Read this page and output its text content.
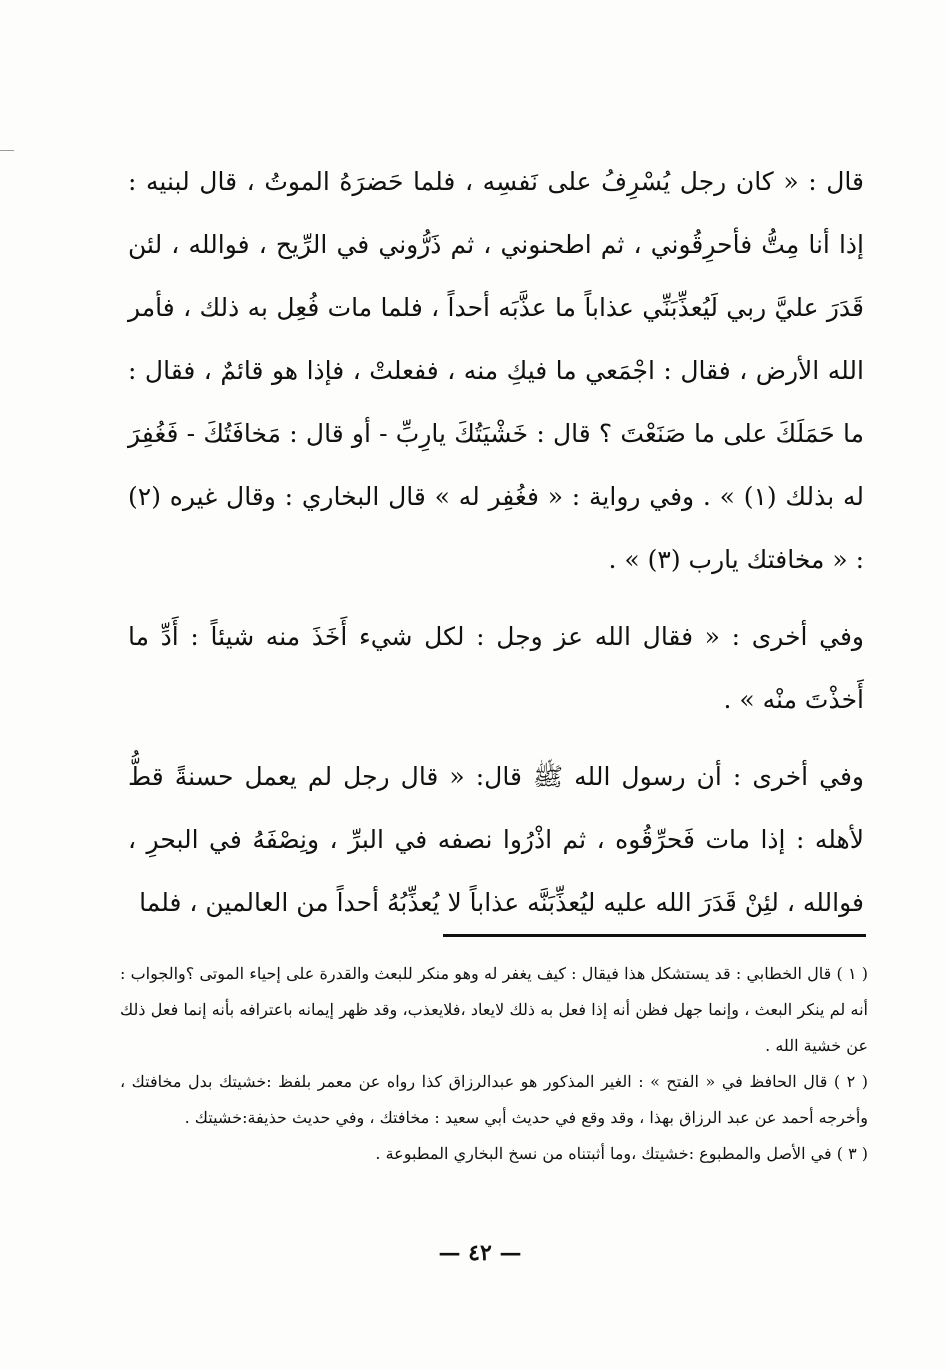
قال : « كان رجل يُسْرِفُ على نَفسِه ، فلما حَضرَهُ الموتُ ، قال لبنيه : إذا أنا مِتُّ فأحرِقُوني ، ثم اطحنوني ، ثم ذَرُّوني في الرِّيح ، فوالله ، لئن قَدَرَ عليَّ ربي لَيُعذِّبَنِّي عذاباً ما عذَّبَه أحداً ، فلما مات فُعِل به ذلك ، فأمر الله الأرض ، فقال : اجْمَعي ما فيكِ منه ، ففعلتْ ، فإذا هو قائمٌ ، فقال : ما حَمَلَكَ على ما صَنَعْتَ ؟ قال : خَشْيَتُكَ يارِبِّ - أو قال : مَخافَتُكَ - فَغُفِرَ له بذلك (١) » . وفي رواية : « فغُفِر له » قال البخاري : وقال غيره (٢) : « مخافتك يارب (٣) » .

وفي أخرى : « فقال الله عز وجل : لكل شيء أَخَذَ منه شيئاً : أَدِّ ما أَخذْتَ منْه » .

وفي أخرى : أن رسول الله ﷺ قال: « قال رجل لم يعمل حسنةً قطُّ لأهله : إذا مات فَحرِّقُوه ، ثم اذْرُوا نصفه في البرِّ ، ونِصْفَهُ في البحرِ ، فوالله ، لئِنْ قَدَرَ الله عليه ليُعذِّبَنَّه عذاباً لا يُعذِّبُهُ أحداً من العالمين ، فلما

( ١ ) قال الخطابي : قد يستشكل هذا فيقال : كيف يغفر له وهو منكر للبعث والقدرة على إحياء الموتى ؟والجواب : أنه لم ينكر البعث ، وإنما جهل فظن أنه إذا فعل به ذلك لايعاد ،فلايعذب، وقد ظهر إيمانه باعترافه بأنه إنما فعل ذلك عن خشية الله .

( ٢ ) قال الحافظ في « الفتح » : الغير المذكور هو عبدالرزاق كذا رواه عن معمر بلفظ :خشيتك بدل مخافتك ، وأخرجه أحمد عن عبد الرزاق بهذا ، وقد وقع في حديث أبي سعيد : مخافتك ، وفي حديث حذيفة:خشيتك .

( ٣ ) في الأصل والمطبوع :خشيتك ،وما أثبتناه من نسخ البخاري المطبوعة .

— ٤٢ —
